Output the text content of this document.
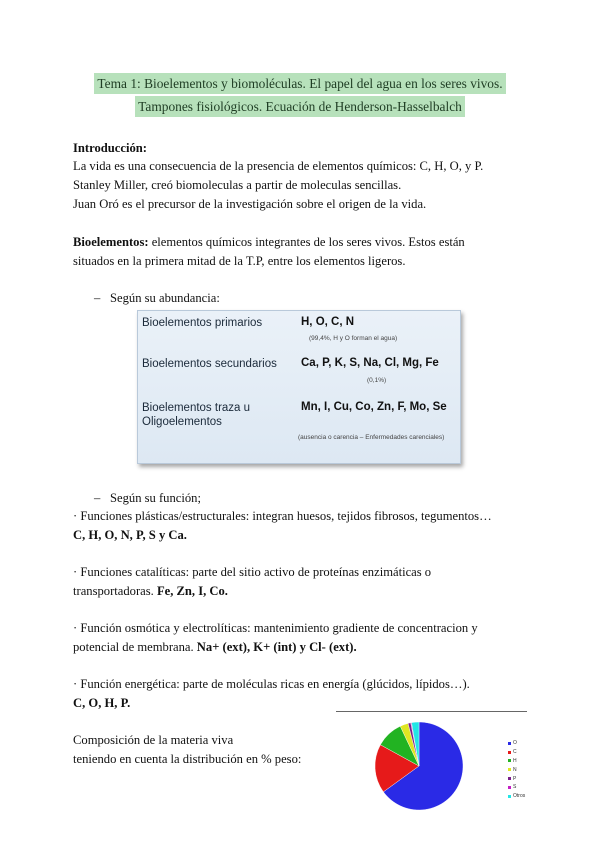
Tema 1: Bioelementos y biomoléculas. El papel del agua en los seres vivos.
Tampones fisiológicos. Ecuación de Henderson-Hasselbalch
Introducción:
La vida es una consecuencia de la presencia de elementos químicos: C, H, O, y P.
Stanley Miller, creó biomoleculas a partir de moleculas sencillas.
Juan Oró es el precursor de la investigación sobre el origen de la vida.
Bioelementos: elementos químicos integrantes de los seres vivos. Estos están
situados en la primera mitad de la T.P, entre los elementos ligeros.
– Según su abundancia:
Bioelementos primarios	H, O, C, N
(99,4%, H y O forman el agua)
Bioelementos secundarios Ca, P, K, S, Na, Cl, Mg, Fe
(0,1%)
Bioelementos traza u
Oligoelementos
Mn, I, Cu, Co, Zn, F, Mo, Se
(ausencia o carencia – Enfermedades carenciales)
– Según su función;
· Funciones plásticas/estructurales: integran huesos, tejidos fibrosos, tegumentos…
C, H, O, N, P, S y Ca.
· Funciones catalíticas: parte del sitio activo de proteínas enzimáticas o
transportadoras. Fe, Zn, I, Co.
· Función osmótica y electrolíticas: mantenimiento gradiente de concentracion y
potencial de membrana. Na+ (ext), K+ (int) y Cl- (ext).
· Función energética: parte de moléculas ricas en energía (glúcidos, lípidos…).
C, O, H, P.
Composición de la materia viva
teniendo en cuenta la distribución en % peso:
O
C
H
N
P
S
Otros
